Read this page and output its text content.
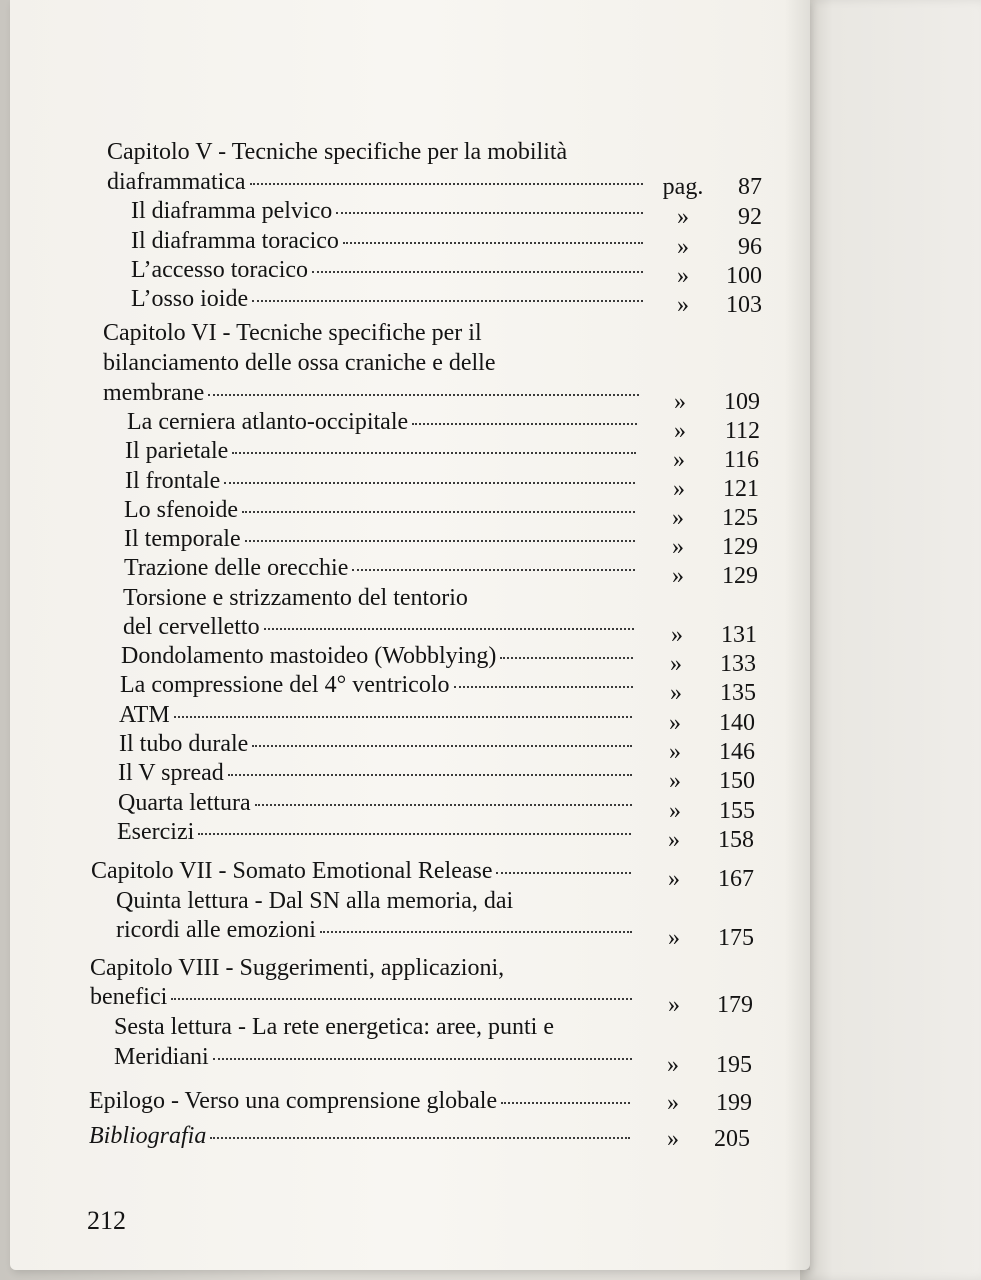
Capitolo V - Tecniche specifiche per la mobilità
diaframmatica	pag.	87
Il diaframma pelvico	»	92
Il diaframma toracico	»	96
L’accesso toracico	»	100
L’osso ioide	»	103
Capitolo VI - Tecniche specifiche per il
bilanciamento delle ossa craniche e delle
membrane	»	109
La cerniera atlanto-occipitale	»	112
Il parietale	»	116
Il frontale	»	121
Lo sfenoide	»	125
Il temporale	»	129
Trazione delle orecchie	»	129
Torsione e strizzamento del tentorio
del cervelletto	»	131
Dondolamento mastoideo (Wobblying)	»	133
La compressione del 4° ventricolo	»	135
ATM	»	140
Il tubo durale	»	146
Il V spread	»	150
Quarta lettura	»	155
Esercizi	»	158
Capitolo VII - Somato Emotional Release	»	167
Quinta lettura - Dal SN alla memoria, dai
ricordi alle emozioni	»	175
Capitolo VIII - Suggerimenti, applicazioni,
benefici	»	179
Sesta lettura - La rete energetica: aree, punti e
Meridiani	»	195
Epilogo - Verso una comprensione globale	»	199
Bibliografia	»	205
212
